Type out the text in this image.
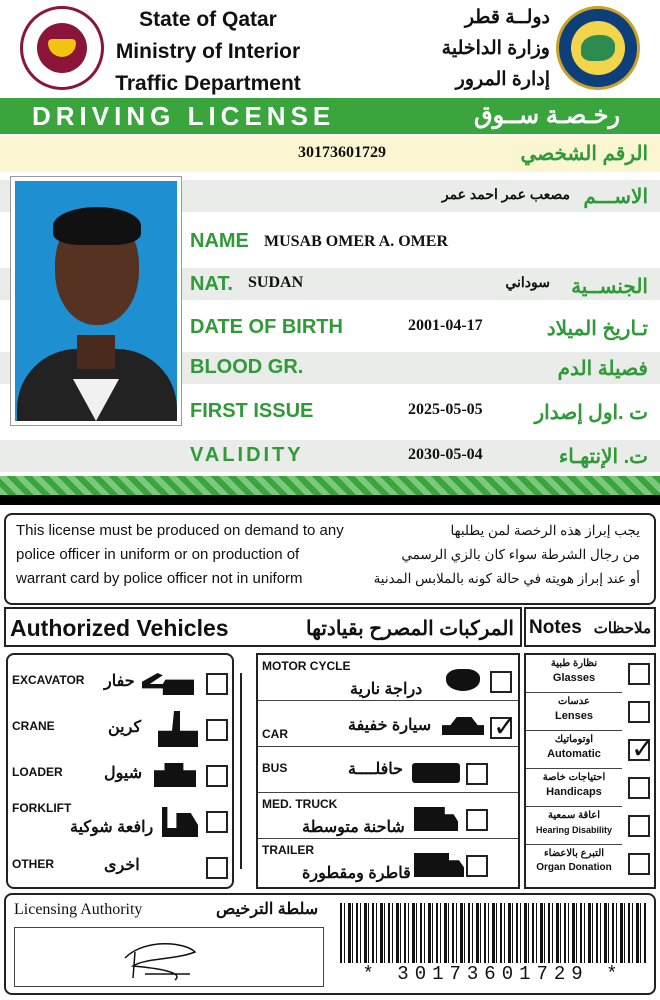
State of Qatar
Ministry of Interior
Traffic Department
دولــة قطر
وزارة الداخلية
إدارة المرور
DRIVING LICENSE	رخـصـة ســوق
30173601729	الرقم الشخصي
مصعب عمر احمد عمر الاســـم
NAME MUSAB OMER A. OMER
NAT. SUDAN	سوداني الجنســية
DATE OF BIRTH	2001-04-17	تـاريخ الميلاد
BLOOD GR.	فصيلة الدم
FIRST ISSUE	2025-05-05	ت .اول إصدار
VALIDITY	2030-05-04	ت. الإنتهـاء
This license must be produced on demand to any
police officer in uniform or on production of
warrant card by police officer not in uniform
يجب إبراز هذه الرخصة لمن يطلبها
من رجال الشرطة سواء كان بالزي الرسمي
أو عند إبراز هويته في حالة كونه بالملابس المدنية
Authorized Vehicles	المركبات المصرح بقيادتها Notes ملاحظات
EXCAVATOR حفار
CRANE	كرين
LOADER	شيول
FORKLIFT
رافعة شوكية
OTHER	اخرى
MOTOR CYCLE
دراجة نارية
CAR	سيارة خفيفة
✓
BUS	حافلــــة
MED. TRUCK
شاحنة متوسطة
TRAILER
قاطرة ومقطورة
نظارة طبية
Glasses
عدسات
Lenses
اوتوماتيك
Automatic
✓
احتياجات خاصة
Handicaps
اعاقة سمعية
Hearing Disability
التبرع بالاعضاء
Organ Donation
Licensing Authority	سلطة الترخيص
* 30173601729 *
